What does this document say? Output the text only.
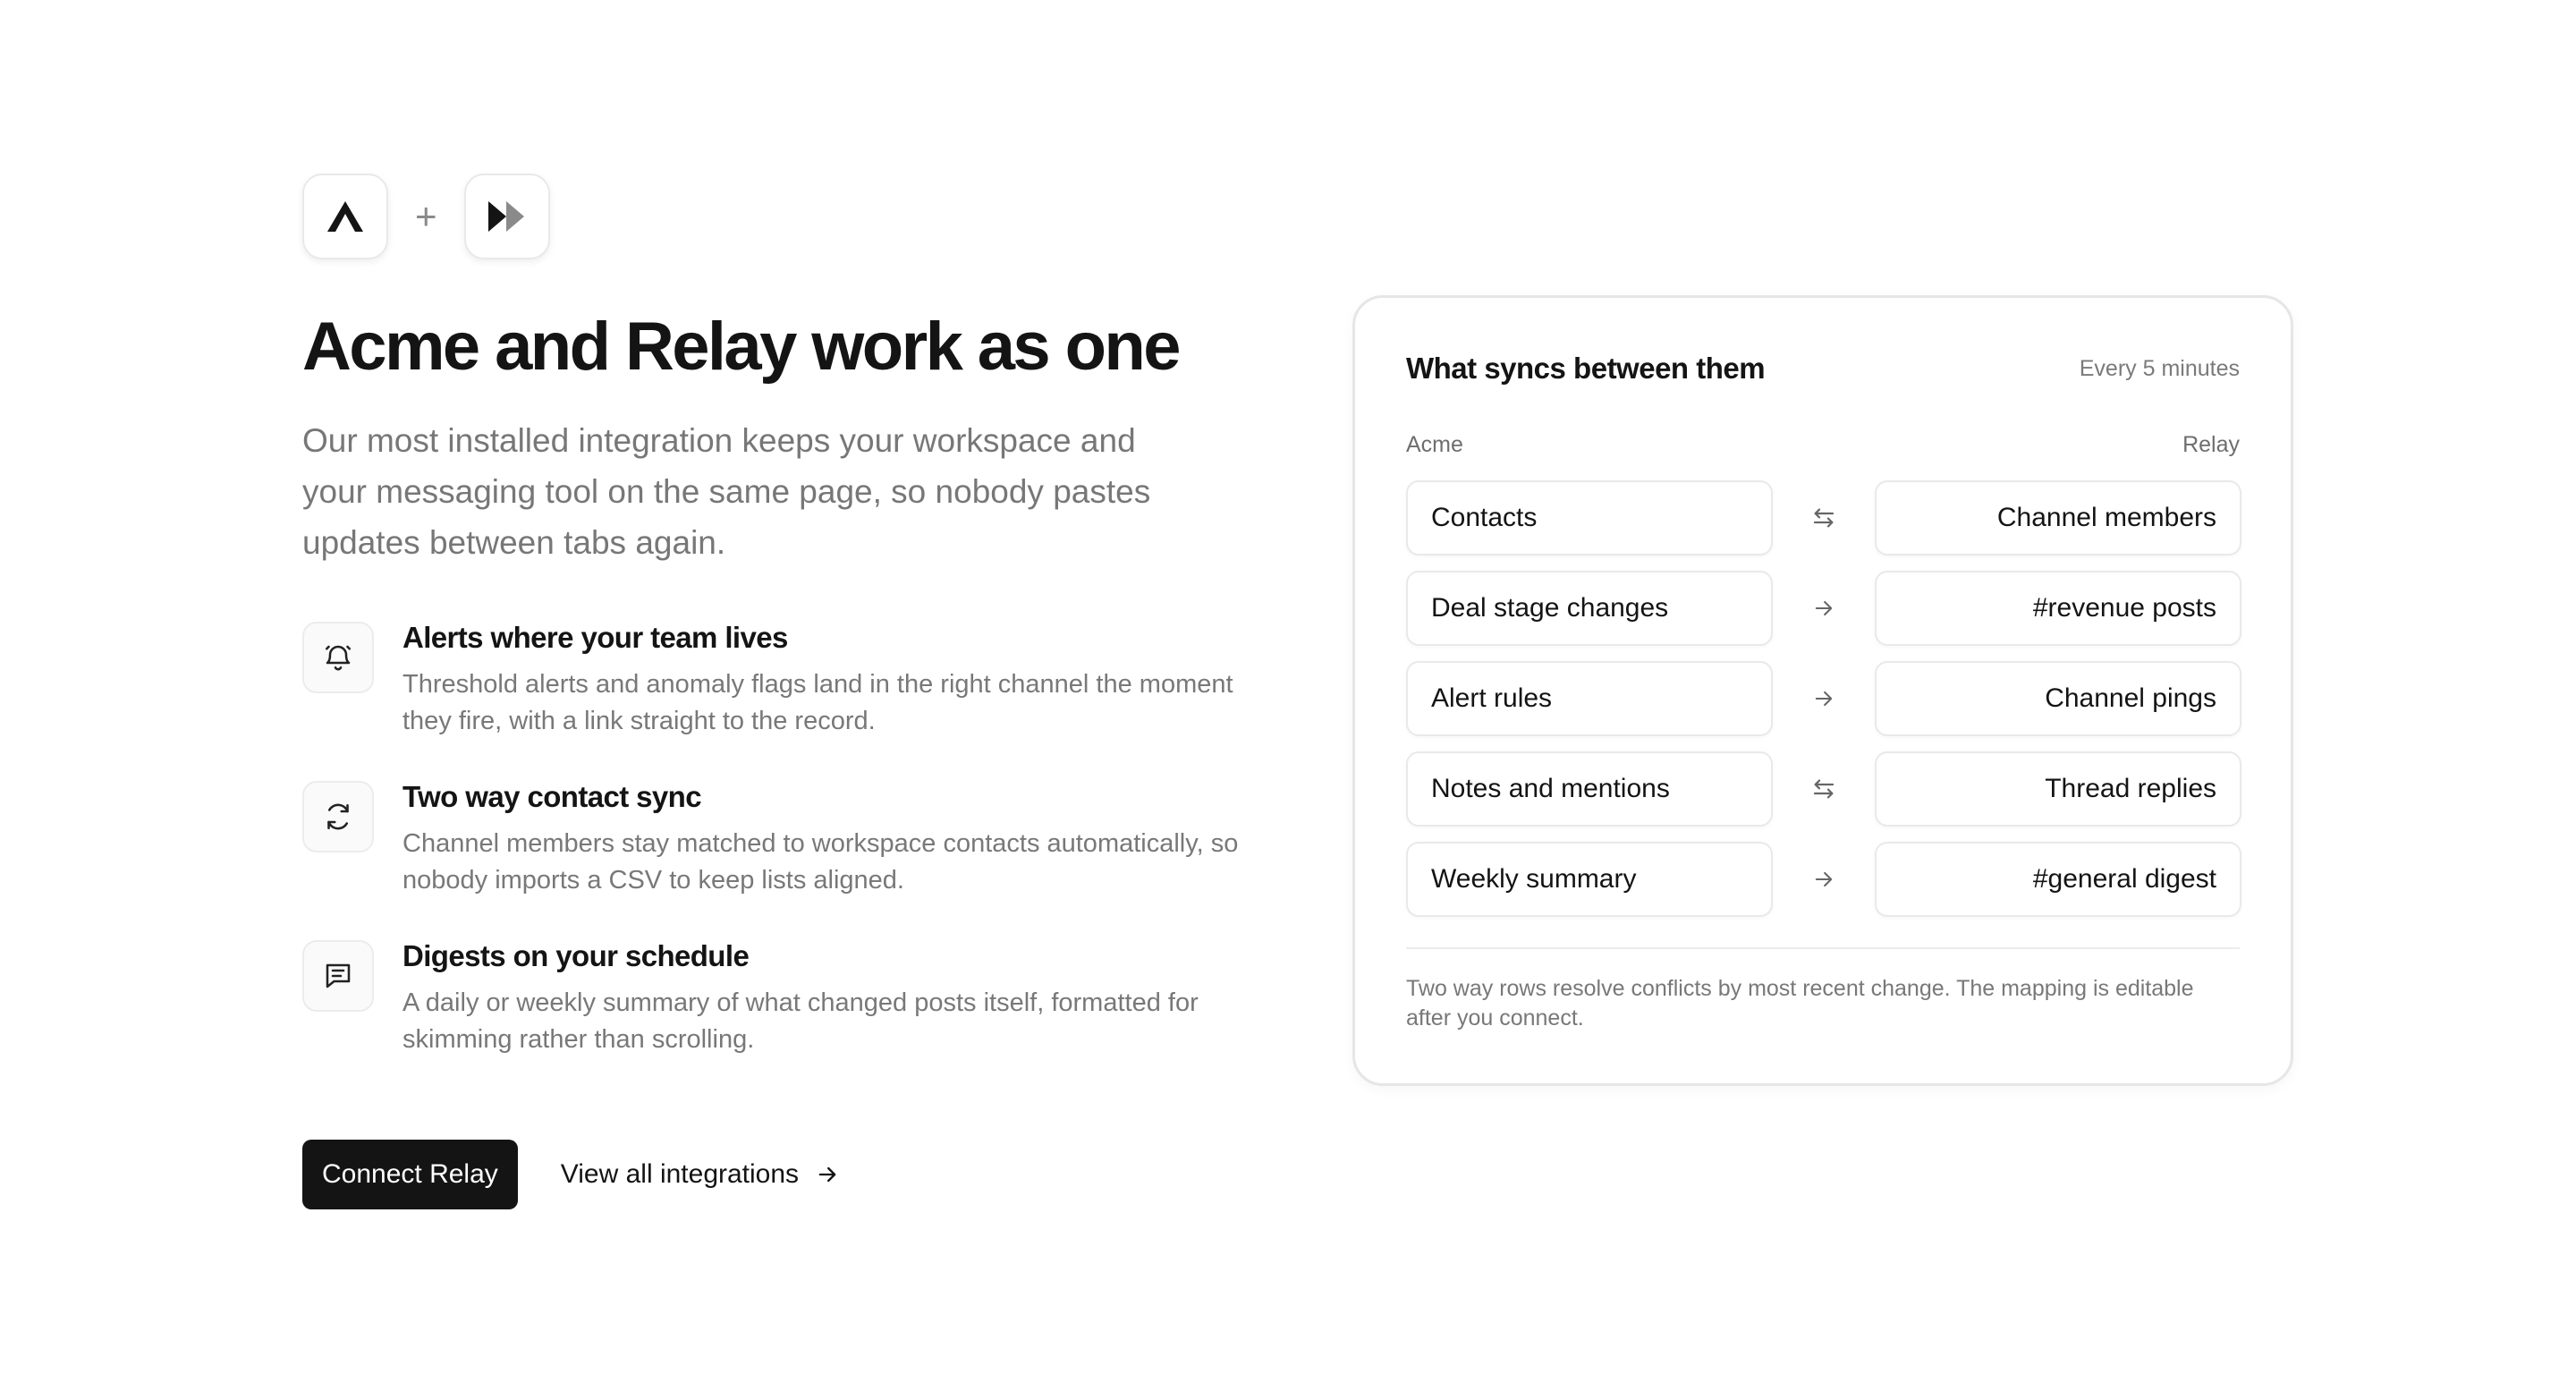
+
Acme and Relay work as one

Our most installed integration keeps your workspace and your messaging tool on the same page, so nobody pastes updates between tabs again.

Alerts where your team lives
Threshold alerts and anomaly flags land in the right channel the moment they fire, with a link straight to the record.
Two way contact sync
Channel members stay matched to workspace contacts automatically, so nobody imports a CSV to keep lists aligned.
Digests on your schedule
A daily or weekly summary of what changed posts itself, formatted for skimming rather than scrolling.
Connect Relay	View all integrations
What syncs between them	Every 5 minutes
Acme	Relay
Contacts	Channel members
Deal stage changes	#revenue posts
Alert rules	Channel pings
Notes and mentions	Thread replies
Weekly summary	#general digest

Two way rows resolve conflicts by most recent change. The mapping is editable after you connect.
